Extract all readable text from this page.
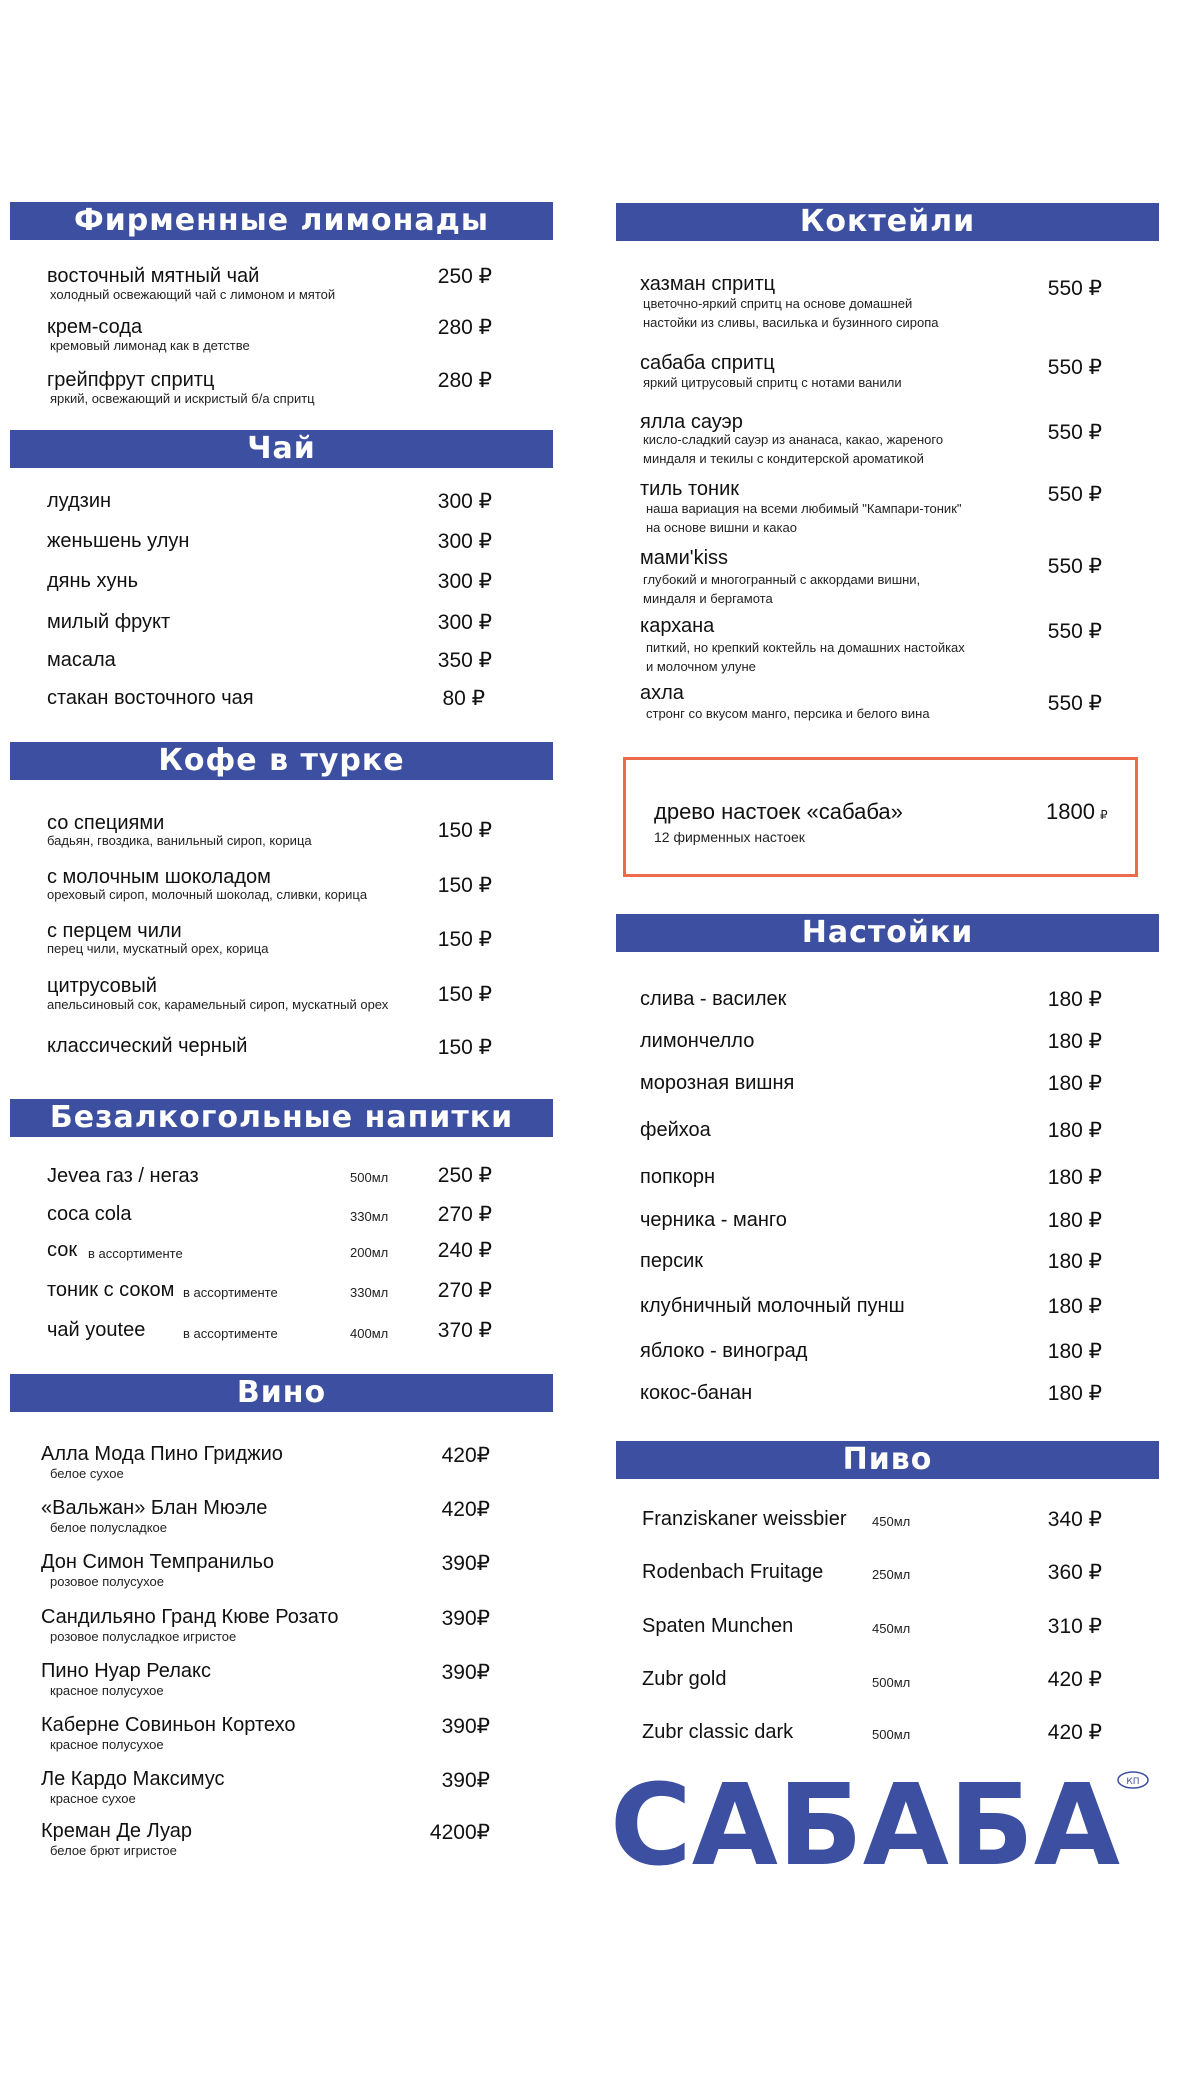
Фирменные лимонады
восточный мятный чай
холодный освежающий чай с лимоном и мятой
250 ₽
крем-сода
кремовый лимонад как в детстве
280 ₽
грейпфрут спритц
яркий, освежающий и искристый б/а спритц
280 ₽
Чай
лудзин	300 ₽
женьшень улун	300 ₽
дянь хунь	300 ₽
милый фрукт	300 ₽
масала	350 ₽
стакан восточного чая	80 ₽
Кофе в турке
со специями
бадьян, гвоздика, ванильный сироп, корица	150 ₽
с молочным шоколадом
ореховый сироп, молочный шоколад, сливки, корица	150 ₽
с перцем чили
перец чили, мускатный орех, корица	150 ₽
цитрусовый
апельсиновый сок, карамельный сироп, мускатный орех	150 ₽
классический черный	150 ₽
Безалкогольные напитки
Jevea газ / негаз	500мл	250 ₽
coca cola	330мл	270 ₽
сок в ассортименте	200мл	240 ₽
тоник с соком в ассортименте	330мл	270 ₽
чай youtee	в ассортименте	400мл	370 ₽
Вино
Алла Мода Пино Гриджио
белое сухое
420₽
«Вальжан» Блан Мюэле
белое полусладкое
420₽
Дон Симон Темпранильо
розовое полусухое
390₽
Сандильяно Гранд Кюве Розато
розовое полусладкое игристое
390₽
Пино Нуар Релакс
красное полусухое
390₽
Каберне Совиньон Кортехо
красное полусухое
390₽
Ле Кардо Максимус
красное сухое
390₽
Креман Де Луар
белое брют игристое
4200₽
Коктейли
хазман спритц
цветочно-яркий спритц на основе домашней
настойки из сливы, василька и бузинного сиропа
550 ₽
сабаба спритц
яркий цитрусовый спритц с нотами ванили
550 ₽
ялла сауэр
кисло-сладкий сауэр из ананаса, какао, жареного
миндаля и текилы с кондитерской ароматикой
550 ₽
тиль тоник
наша вариация на всеми любимый "Кампари-тоник"
на основе вишни и какао
550 ₽
мами'kiss
глубокий и многогранный с аккордами вишни,
миндаля и бергамота
550 ₽
кархана
питкий, но крепкий коктейль на домашних настойках
и молочном улуне
550 ₽
ахла
стронг со вкусом манго, персика и белого вина	550 ₽
древо настоек «сабаба»
12 фирменных настоек
1800 ₽
Настойки
слива - василек	180 ₽
лимончелло	180 ₽
морозная вишня	180 ₽
фейхоа	180 ₽
попкорн	180 ₽
черника - манго	180 ₽
персик	180 ₽
клубничный молочный пунш	180 ₽
яблоко - виноград	180 ₽
кокос-банан	180 ₽
Пиво
Franziskaner weissbier 450мл	340 ₽
Rodenbach Fruitage	250мл	360 ₽
Spaten Munchen	450мл	310 ₽
Zubr gold	500мл	420 ₽
Zubr classic dark	500мл	420 ₽
САБАБА КП
